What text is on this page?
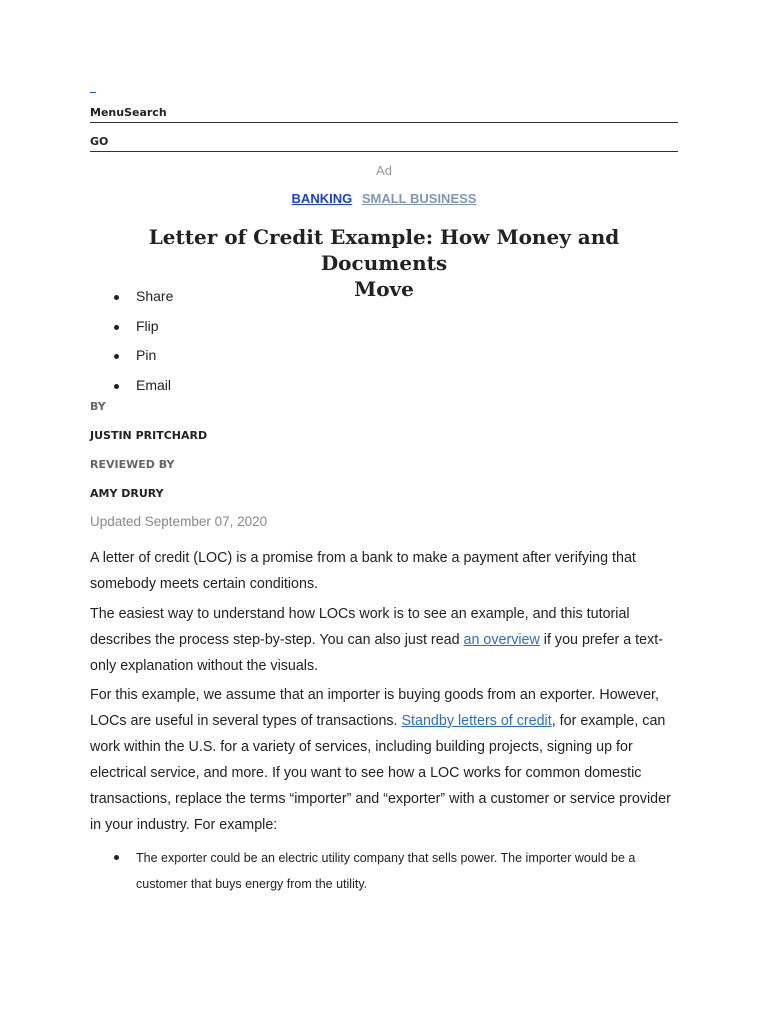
MenuSearch
GO
Ad
BANKING SMALL BUSINESS
Letter of Credit Example: How Money and Documents
Move
Share
Flip
Pin
Email
BY
JUSTIN PRITCHARD
REVIEWED BY
AMY DRURY
Updated September 07, 2020

A letter of credit (LOC) is a promise from a bank to make a payment after verifying that somebody meets certain conditions.

The easiest way to understand how LOCs work is to see an example, and this tutorial describes the process step-by-step. You can also just read an overview if you prefer a text-only explanation without the visuals.

For this example, we assume that an importer is buying goods from an exporter. However, LOCs are useful in several types of transactions. Standby letters of credit, for example, can work within the U.S. for a variety of services, including building projects, signing up for electrical service, and more. If you want to see how a LOC works for common domestic transactions, replace the terms “importer” and “exporter” with a customer or service provider in your industry. For example:

The exporter could be an electric utility company that sells power. The importer would be a customer that buys energy from the utility.
